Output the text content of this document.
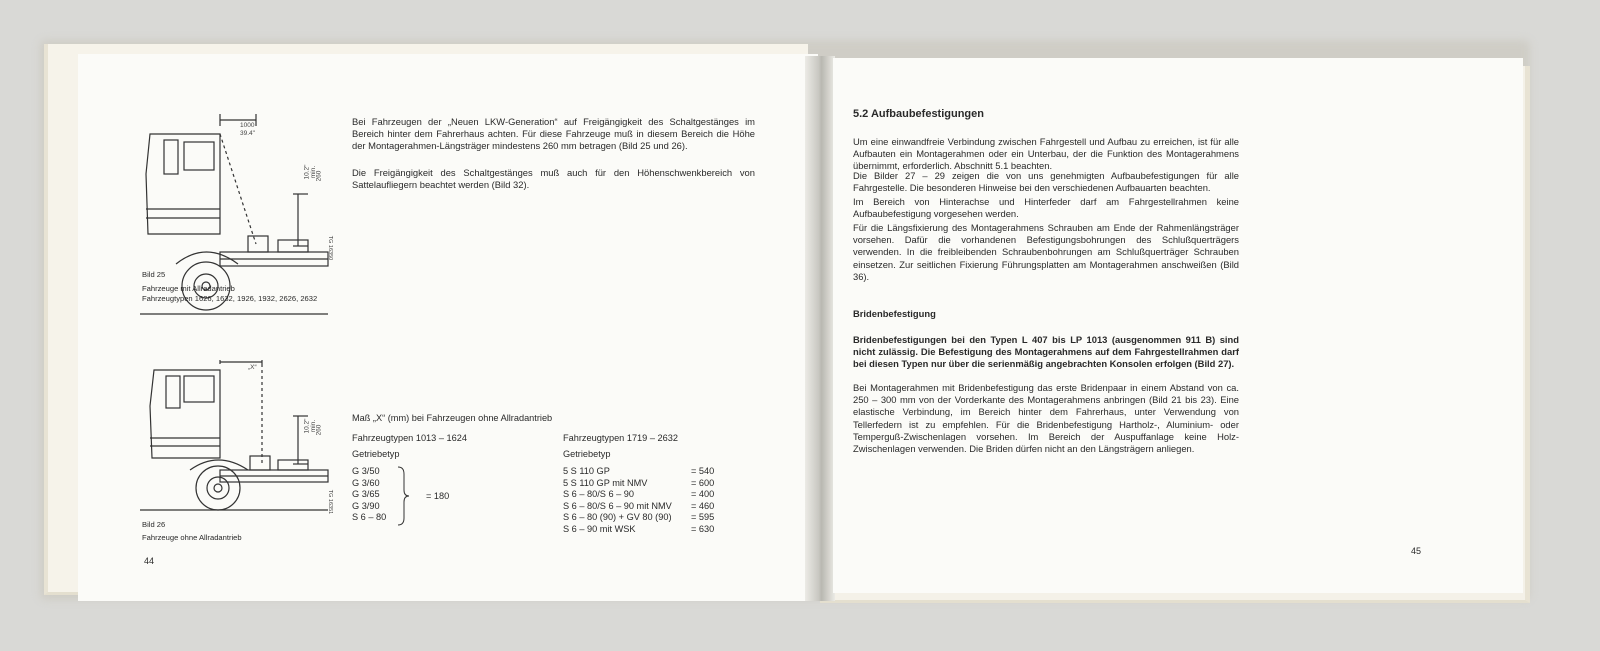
1000
39.4"
10.2" min.
260
TG 16350
Bild 25
Fahrzeuge mit Allradantrieb
Fahrzeugtypen 1626, 1632, 1926, 1932, 2626, 2632
Bei Fahrzeugen der „Neuen LKW-Generation“ auf Freigängigkeit des Schaltgestänges im Bereich hinter dem Fahrerhaus achten. Für diese Fahrzeuge muß in diesem Bereich die Höhe der Montagerahmen-Längsträger mindestens 260 mm betragen (Bild 25 und 26).
Die Freigängigkeit des Schaltgestänges muß auch für den Höhenschwenkbereich von Sattelaufliegern beachtet werden (Bild 32).
„X“
10.2" min.
260
TG 16351
Bild 26
Fahrzeuge ohne Allradantrieb
Maß „X“ (mm) bei Fahrzeugen ohne Allradantrieb
Fahrzeugtypen 1013 – 1624
Getriebetyp
G 3/50
G 3/60
G 3/65
G 3/90
S 6 – 80
= 180
Fahrzeugtypen 1719 – 2632
Getriebetyp
5 S 110 GP	= 540
5 S 110 GP mit NMV	= 600
S 6 – 80/S 6 – 90	= 400
S 6 – 80/S 6 – 90 mit NMV = 460
S 6 – 80 (90) + GV 80 (90) = 595
S 6 – 90 mit WSK	= 630
44
5.2 Aufbaubefestigungen
Um eine einwandfreie Verbindung zwischen Fahrgestell und Aufbau zu erreichen, ist für alle Aufbauten ein Montagerahmen oder ein Unterbau, der die Funktion des Montagerahmens übernimmt, erforderlich. Abschnitt 5.1 beachten.
Die Bilder 27 – 29 zeigen die von uns genehmigten Aufbaubefestigungen für alle Fahrgestelle. Die besonderen Hinweise bei den verschiedenen Aufbauarten beachten.
Im Bereich von Hinterachse und Hinterfeder darf am Fahrgestellrahmen keine Aufbaubefestigung vorgesehen werden.
Für die Längsfixierung des Montagerahmens Schrauben am Ende der Rahmenlängsträger vorsehen. Dafür die vorhandenen Befestigungsbohrungen des Schlußquerträgers verwenden. In die freibleibenden Schraubenbohrungen am Schlußquerträger Schrauben einsetzen. Zur seitlichen Fixierung Führungsplatten am Montagerahmen anschweißen (Bild 36).
Bridenbefestigung
Bridenbefestigungen bei den Typen L 407 bis LP 1013 (ausgenommen 911 B) sind nicht zulässig. Die Befestigung des Montagerahmens auf dem Fahrgestellrahmen darf bei diesen Typen nur über die serienmäßig angebrachten Konsolen erfolgen (Bild 27).
Bei Montagerahmen mit Bridenbefestigung das erste Bridenpaar in einem Abstand von ca. 250 – 300 mm von der Vorderkante des Montagerahmens anbringen (Bild 21 bis 23). Eine elastische Verbindung, im Bereich hinter dem Fahrerhaus, unter Verwendung von Tellerfedern ist zu empfehlen. Für die Bridenbefestigung Hartholz-, Aluminium- oder Temperguß-Zwischenlagen vorsehen. Im Bereich der Auspuffanlage keine Holz-Zwischenlagen verwenden. Die Briden dürfen nicht an den Längsträgern anliegen.
45
